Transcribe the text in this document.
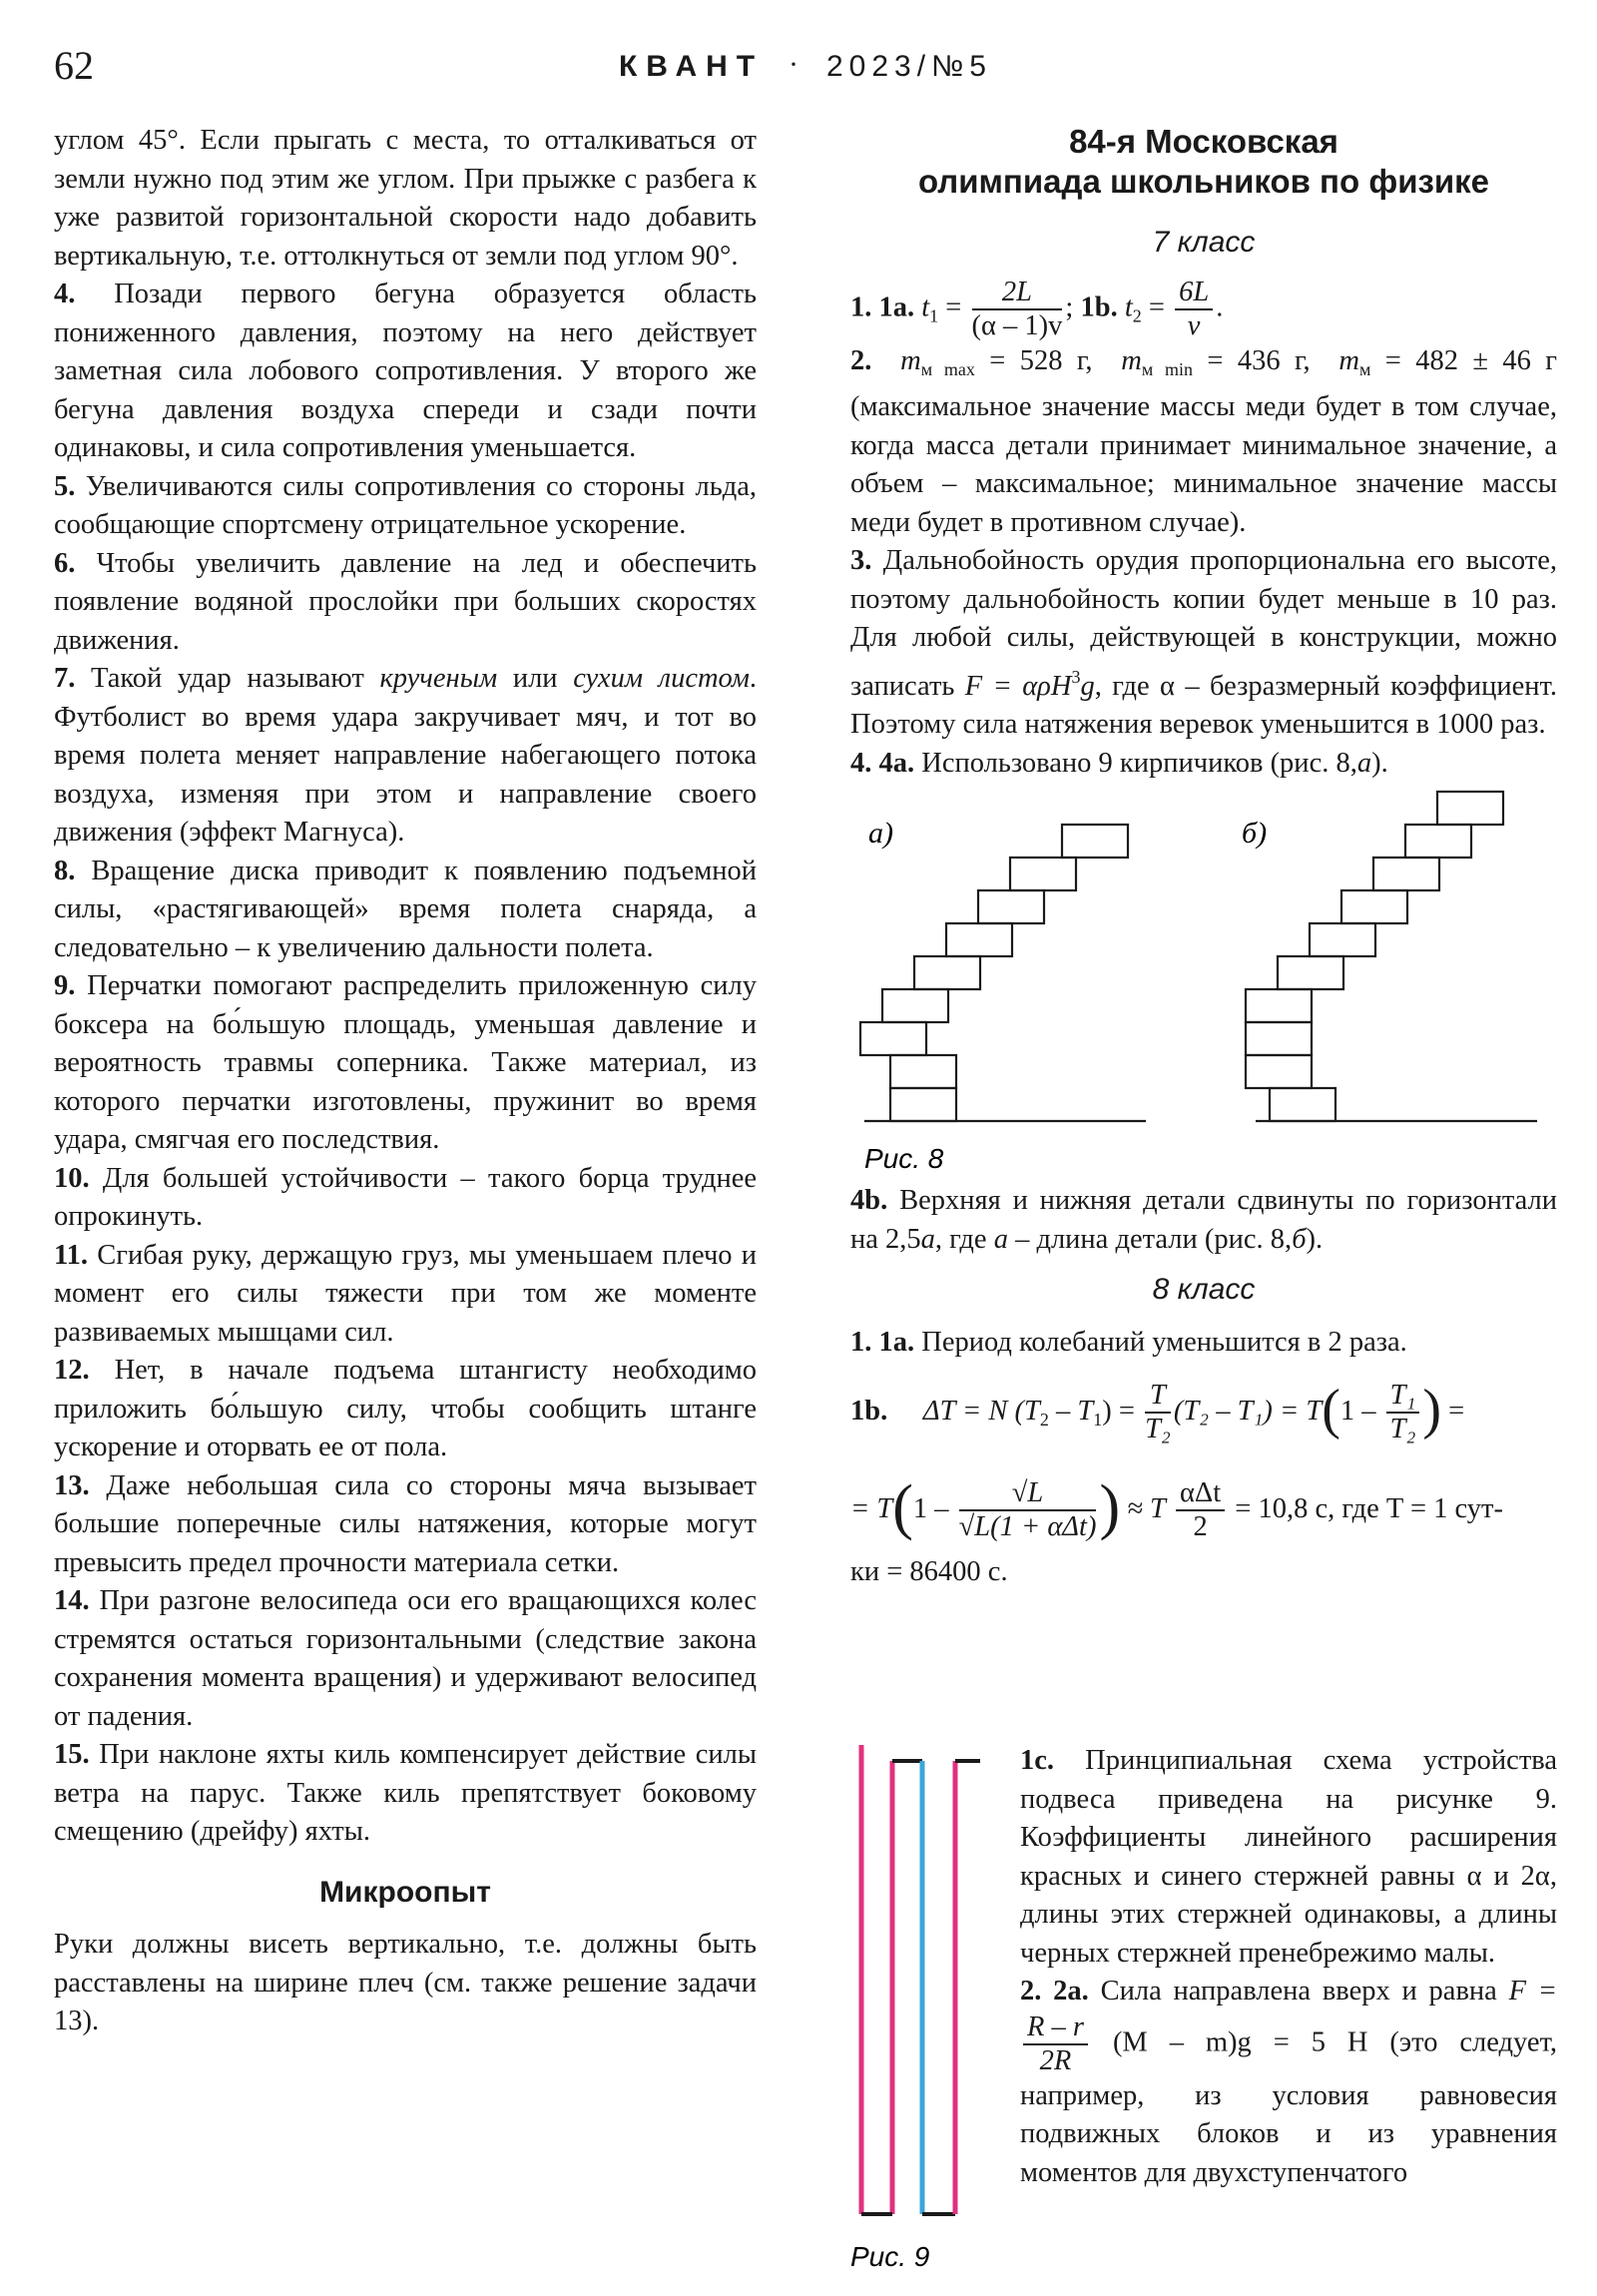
62	КВАНТ · 2023/№5

углом 45°. Если прыгать с места, то отталкиваться от земли нужно под этим же углом. При прыжке с разбега к уже развитой горизонтальной скорости надо добавить вертикальную, т.е. оттолкнуться от земли под углом 90°.

4. Позади первого бегуна образуется область пониженного давления, поэтому на него действует заметная сила лобового сопротивления. У второго же бегуна давления воздуха спереди и сзади почти одинаковы, и сила сопротивления уменьшается.

5. Увеличиваются силы сопротивления со стороны льда, сообщающие спортсмену отрицательное ускорение.

6. Чтобы увеличить давление на лед и обеспечить появление водяной прослойки при больших скоростях движения.

7. Такой удар называют крученым или сухим листом. Футболист во время удара закручивает мяч, и тот во время полета меняет направление набегающего потока воздуха, изменяя при этом и направление своего движения (эффект Магнуса).

8. Вращение диска приводит к появлению подъемной силы, «растягивающей» время полета снаряда, а следовательно – к увеличению дальности полета.

9. Перчатки помогают распределить приложенную силу боксера на бо́льшую площадь, уменьшая давление и вероятность травмы соперника. Также материал, из которого перчатки изготовлены, пружинит во время удара, смягчая его последствия.

10. Для большей устойчивости – такого борца труднее опрокинуть.

11. Сгибая руку, держащую груз, мы уменьшаем плечо и момент его силы тяжести при том же моменте развиваемых мышцами сил.

12. Нет, в начале подъема штангисту необходимо приложить бо́льшую силу, чтобы сообщить штанге ускорение и оторвать ее от пола.

13. Даже небольшая сила со стороны мяча вызывает большие поперечные силы натяжения, которые могут превысить предел прочности материала сетки.

14. При разгоне велосипеда оси его вращающихся колес стремятся остаться горизонтальными (следствие закона сохранения момента вращения) и удерживают велосипед от падения.

15. При наклоне яхты киль компенсирует действие силы ветра на парус. Также киль препятствует боковому смещению (дрейфу) яхты.

Микроопыт

Руки должны висеть вертикально, т.е. должны быть расставлены на ширине плеч (см. также решение задачи 13).

84-я Московская
олимпиада школьников по физике

7 класс

1. 1a. $t_1 = \frac{2L}{(\alpha - 1)v}$ ; 1b. $t_2 = \frac{6L}{v}$ .

2. $m_{м max} = 528$ г, $m_{м min} = 436$ г, $m_м = 482 \pm 46$ г (максимальное значение массы меди будет в том случае, когда масса детали принимает минимальное значение, а объем – максимальное; минимальное значение массы меди будет в противном случае).

3. Дальнобойность орудия пропорциональна его высоте, поэтому дальнобойность копии будет меньше в 10 раз. Для любой силы, действующей в конструкции, можно записать F = αρH$^3$g, где α – безразмерный коэффициент. Поэтому сила натяжения веревок уменьшится в 1000 раз.

4. 4a. Использовано 9 кирпичиков (рис. 8,а).

а)	б)
Рис. 8

4b. Верхняя и нижняя детали сдвинуты по горизонтали на 2,5a, где a – длина детали (рис. 8,б).

8 класс

1. 1a. Период колебаний уменьшится в 2 раза.

1b. ΔT = N $(T_2 - T_1) = \frac{T}{\text{T₂}} (T_2 - T_1) = T(1 - \frac{\text{T₁}}{\text{T₂}}$ ) =

= $T(1 - \frac{√L}{\text{√L(1 + αΔt)}}$ ) ≈ T $\frac{\text{αΔt}}{2} = 10,8$ с, где T = 1 сут-

ки = 86400 с.

Рис. 9

1c. Принципиальная схема устройства подвеса приведена на рисунке 9. Коэффициенты линейного расширения красных и синего стержней равны α и 2α, длины этих стержней одинаковы, а длины черных стержней пренебрежимо малы.

2. 2a. Сила направлена вверх и равна F =
$\frac{R - r}{2R} (M - m)g = 5$ Н (это следует, например, из условия равновесия подвижных блоков и из уравнения моментов для двухступенчатого
